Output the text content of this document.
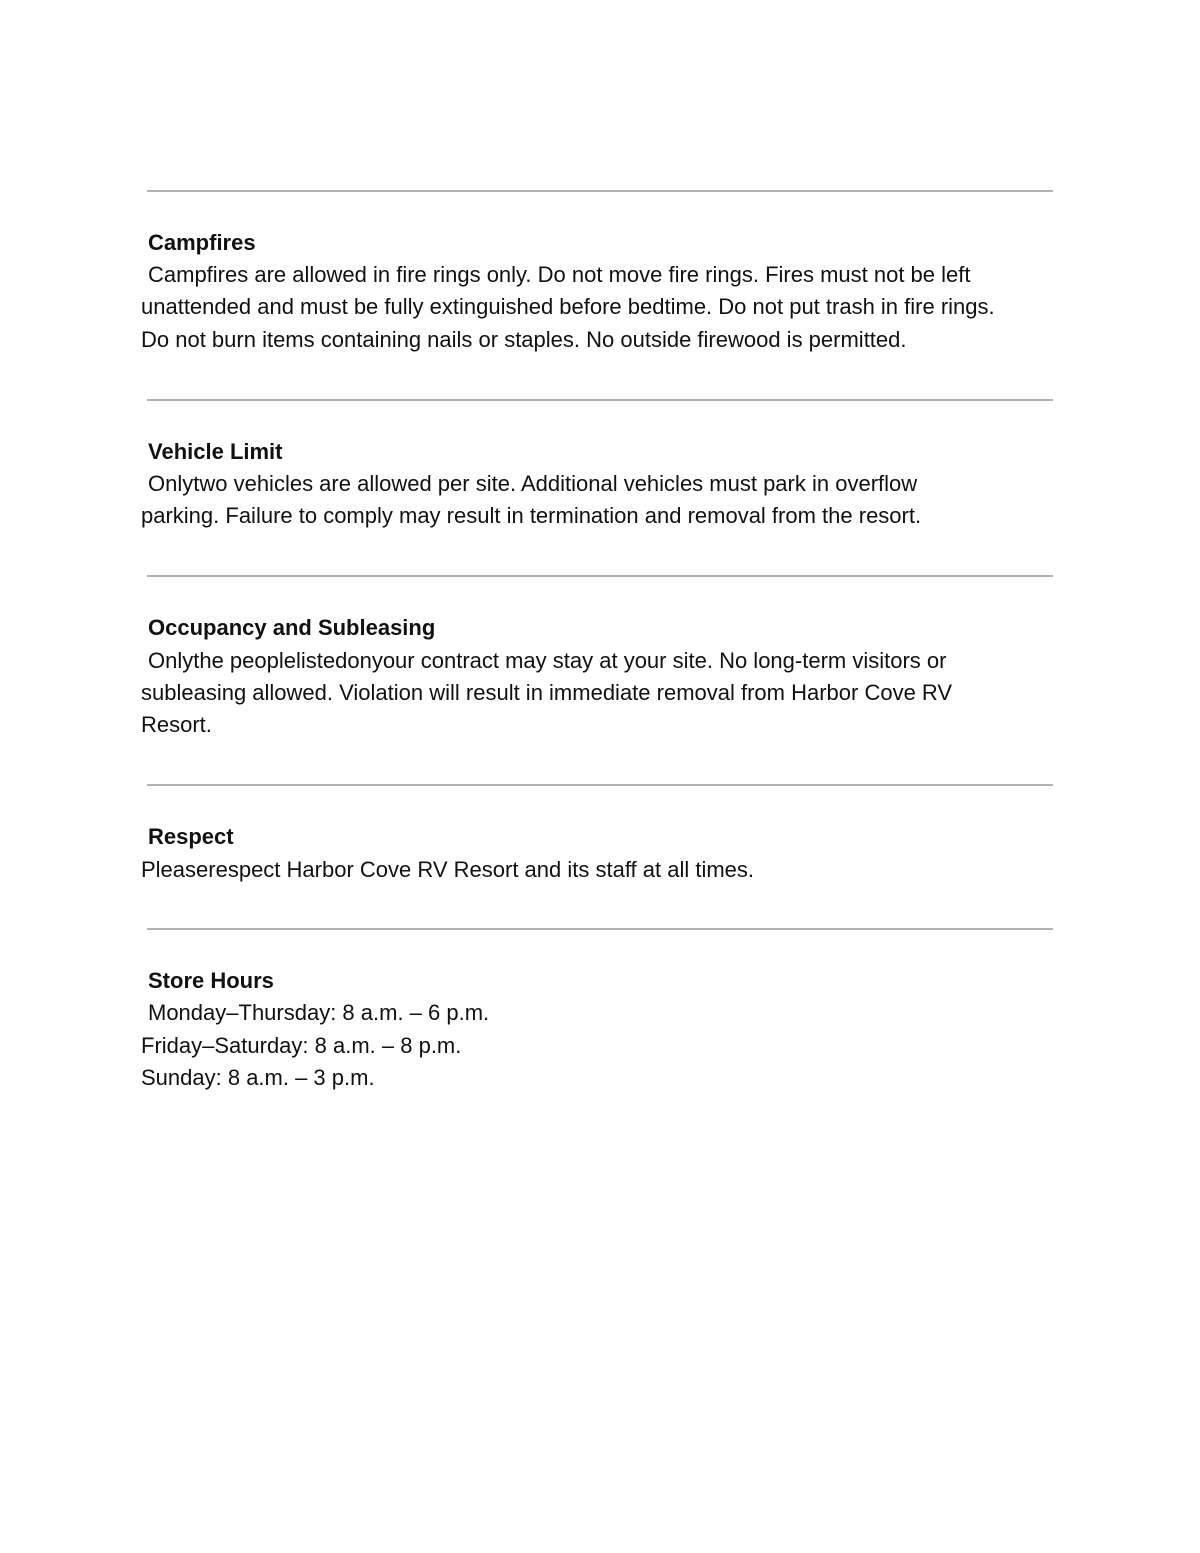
Campfires

Campfires are allowed in fire rings only. Do not move fire rings. Fires must not be left

unattended and must be fully extinguished before bedtime. Do not put trash in fire rings.

Do not burn items containing nails or staples. No outside firewood is permitted.

Vehicle Limit

Onlytwo vehicles are allowed per site. Additional vehicles must park in overflow

parking. Failure to comply may result in termination and removal from the resort.

Occupancy and Subleasing

Onlythe peoplelistedonyour contract may stay at your site. No long-term visitors or

subleasing allowed. Violation will result in immediate removal from Harbor Cove RV

Resort.

Respect

Pleaserespect Harbor Cove RV Resort and its staff at all times.

Store Hours

Monday–Thursday: 8 a.m. – 6 p.m.

Friday–Saturday: 8 a.m. – 8 p.m.

Sunday: 8 a.m. – 3 p.m.
